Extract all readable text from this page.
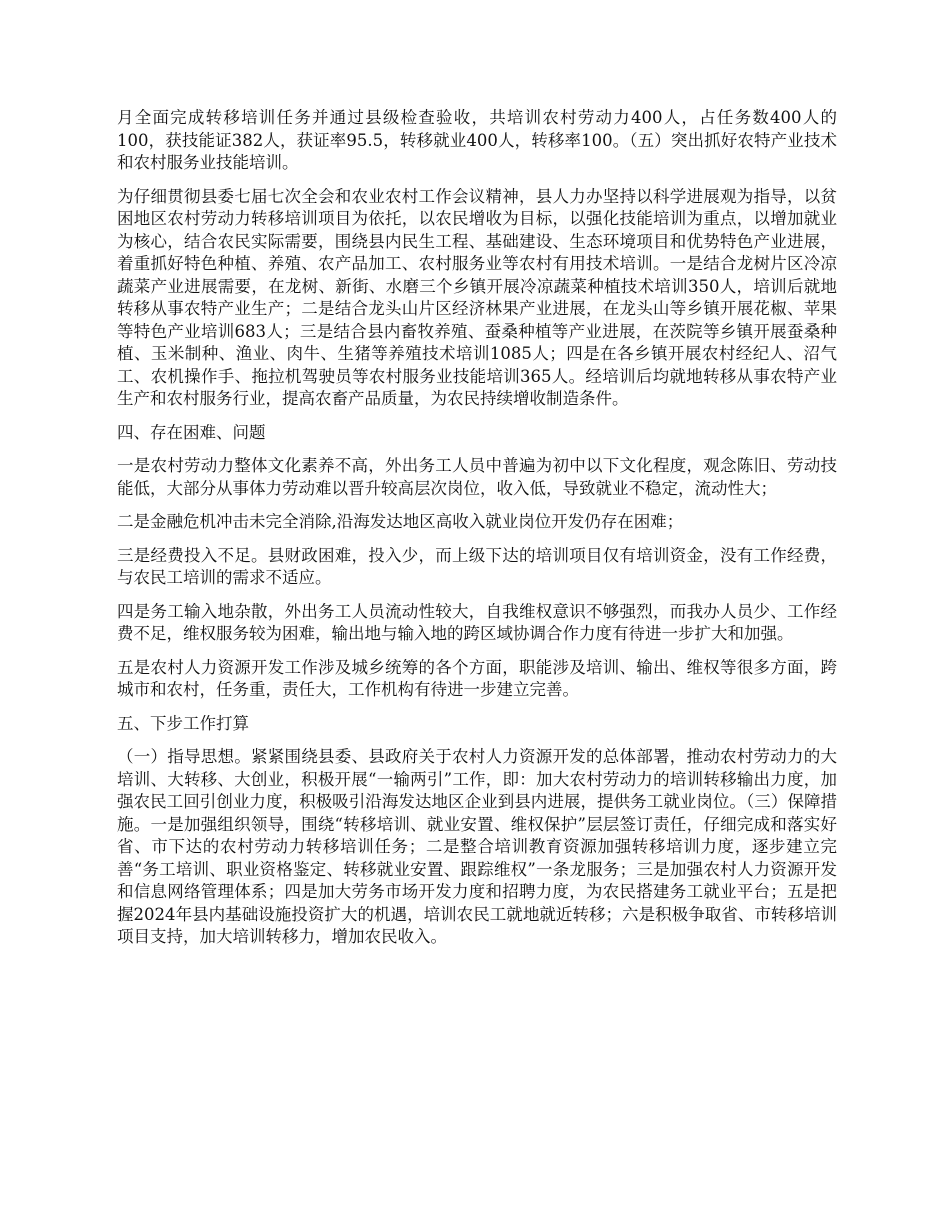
月全面完成转移培训任务并通过县级检查验收，共培训农村劳动力400人，占任务数400人的100，获技能证382人，获证率95.5，转移就业400人，转移率100。（五）突出抓好农特产业技术和农村服务业技能培训。

为仔细贯彻县委七届七次全会和农业农村工作会议精神，县人力办坚持以科学进展观为指导，以贫困地区农村劳动力转移培训项目为依托，以农民增收为目标，以强化技能培训为重点，以增加就业为核心，结合农民实际需要，围绕县内民生工程、基础建设、生态环境项目和优势特色产业进展，着重抓好特色种植、养殖、农产品加工、农村服务业等农村有用技术培训。一是结合龙树片区冷凉蔬菜产业进展需要，在龙树、新街、水磨三个乡镇开展冷凉蔬菜种植技术培训350人，培训后就地转移从事农特产业生产；二是结合龙头山片区经济林果产业进展，在龙头山等乡镇开展花椒、苹果等特色产业培训683人；三是结合县内畜牧养殖、蚕桑种植等产业进展，在茨院等乡镇开展蚕桑种植、玉米制种、渔业、肉牛、生猪等养殖技术培训1085人；四是在各乡镇开展农村经纪人、沼气工、农机操作手、拖拉机驾驶员等农村服务业技能培训365人。经培训后均就地转移从事农特产业生产和农村服务行业，提高农畜产品质量，为农民持续增收制造条件。

四、存在困难、问题

一是农村劳动力整体文化素养不高，外出务工人员中普遍为初中以下文化程度，观念陈旧、劳动技能低，大部分从事体力劳动难以晋升较高层次岗位，收入低，导致就业不稳定，流动性大；

二是金融危机冲击未完全消除,沿海发达地区高收入就业岗位开发仍存在困难；

三是经费投入不足。县财政困难，投入少，而上级下达的培训项目仅有培训资金，没有工作经费，与农民工培训的需求不适应。

四是务工输入地杂散，外出务工人员流动性较大，自我维权意识不够强烈，而我办人员少、工作经费不足，维权服务较为困难，输出地与输入地的跨区域协调合作力度有待进一步扩大和加强。

五是农村人力资源开发工作涉及城乡统筹的各个方面，职能涉及培训、输出、维权等很多方面，跨城市和农村，任务重，责任大，工作机构有待进一步建立完善。

五、下步工作打算

（一）指导思想。紧紧围绕县委、县政府关于农村人力资源开发的总体部署，推动农村劳动力的大培训、大转移、大创业，积极开展“一输两引”工作，即：加大农村劳动力的培训转移输出力度，加强农民工回引创业力度，积极吸引沿海发达地区企业到县内进展，提供务工就业岗位。（三）保障措施。一是加强组织领导，围绕“转移培训、就业安置、维权保护”层层签订责任，仔细完成和落实好省、市下达的农村劳动力转移培训任务；二是整合培训教育资源加强转移培训力度，逐步建立完善“务工培训、职业资格鉴定、转移就业安置、跟踪维权”一条龙服务；三是加强农村人力资源开发和信息网络管理体系；四是加大劳务市场开发力度和招聘力度，为农民搭建务工就业平台；五是把握2024年县内基础设施投资扩大的机遇，培训农民工就地就近转移；六是积极争取省、市转移培训项目支持，加大培训转移力，增加农民收入。
